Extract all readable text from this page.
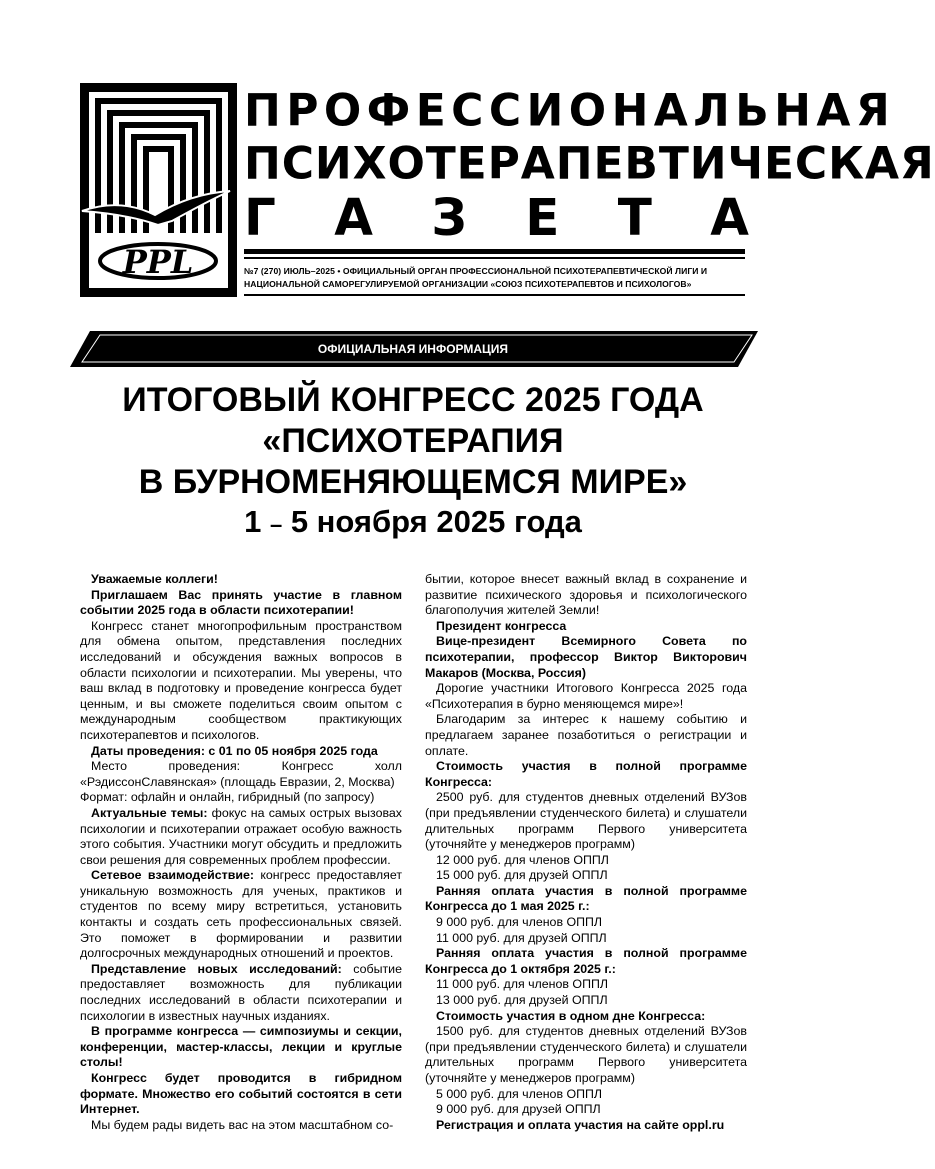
PPL
ПРОФЕССИОНАЛЬНАЯ
ПСИХОТЕРАПЕВТИЧЕСКАЯ
Г А З Е Т А
№7 (270) ИЮЛЬ–2025 • ОФИЦИАЛЬНЫЙ ОРГАН ПРОФЕССИОНАЛЬНОЙ ПСИХОТЕРАПЕВТИЧЕСКОЙ ЛИГИ И НАЦИОНАЛЬНОЙ САМОРЕГУЛИРУЕМОЙ ОРГАНИЗАЦИИ «СОЮЗ ПСИХОТЕРАПЕВТОВ И ПСИХОЛОГОВ»
ОФИЦИАЛЬНАЯ ИНФОРМАЦИЯ
ИТОГОВЫЙ КОНГРЕСС 2025 ГОДА
«ПСИХОТЕРАПИЯ
В БУРНОМЕНЯЮЩЕМСЯ МИРЕ»
1 – 5 ноября 2025 года

Уважаемые коллеги!

Приглашаем Вас принять участие в главном событии 2025 года в области психотерапии!

Конгресс станет многопрофильным пространством для обмена опытом, представления последних исследований и обсуждения важных вопросов в области психологии и психотерапии. Мы уверены, что ваш вклад в подготовку и проведение конгресса будет ценным, и вы сможете поделиться своим опытом с международным сообществом практикующих психотерапевтов и психологов.

Даты проведения: с 01 по 05 ноября 2025 года

Место проведения: Конгресс холл «РэдиссонСлавянская» (площадь Евразии, 2, Москва)

Формат: офлайн и онлайн, гибридный (по запросу)

Актуальные темы: фокус на самых острых вызовах психологии и психотерапии отражает особую важность этого события. Участники могут обсудить и предложить свои решения для современных проблем профессии.

Сетевое взаимодействие: конгресс предоставляет уникальную возможность для ученых, практиков и студентов по всему миру встретиться, установить контакты и создать сеть профессиональных связей. Это поможет в формировании и развитии долгосрочных международных отношений и проектов.

Представление новых исследований: событие предоставляет возможность для публикации последних исследований в области психотерапии и психологии в известных научных изданиях.

В программе конгресса — симпозиумы и секции, конференции, мастер-классы, лекции и круглые столы!

Конгресс будет проводится в гибридном формате. Множество его событий состоятся в сети Интернет.

Мы будем рады видеть вас на этом масштабном со-

бытии, которое внесет важный вклад в сохранение и развитие психического здоровья и психологического благополучия жителей Земли!

Президент конгресса

Вице-президент Всемирного Совета по психотерапии, профессор Виктор Викторович Макаров (Москва, Россия)

Дорогие участники Итогового Конгресса 2025 года «Психотерапия в бурно меняющемся мире»!

Благодарим за интерес к нашему событию и предлагаем заранее позаботиться о регистрации и оплате.

Стоимость участия в полной программе Конгресса:

2500 руб. для студентов дневных отделений ВУЗов (при предъявлении студенческого билета) и слушатели длительных программ Первого университета (уточняйте у менеджеров программ)

12 000 руб. для членов ОППЛ

15 000 руб. для друзей ОППЛ

Ранняя оплата участия в полной программе Конгресса до 1 мая 2025 г.:

9 000 руб. для членов ОППЛ

11 000 руб. для друзей ОППЛ

Ранняя оплата участия в полной программе Конгресса до 1 октября 2025 г.:

11 000 руб. для членов ОППЛ

13 000 руб. для друзей ОППЛ

Стоимость участия в одном дне Конгресса:

1500 руб. для студентов дневных отделений ВУЗов (при предъявлении студенческого билета) и слушатели длительных программ Первого университета (уточняйте у менеджеров программ)

5 000 руб. для членов ОППЛ

9 000 руб. для друзей ОППЛ

Регистрация и оплата участия на сайте oppl.ru
